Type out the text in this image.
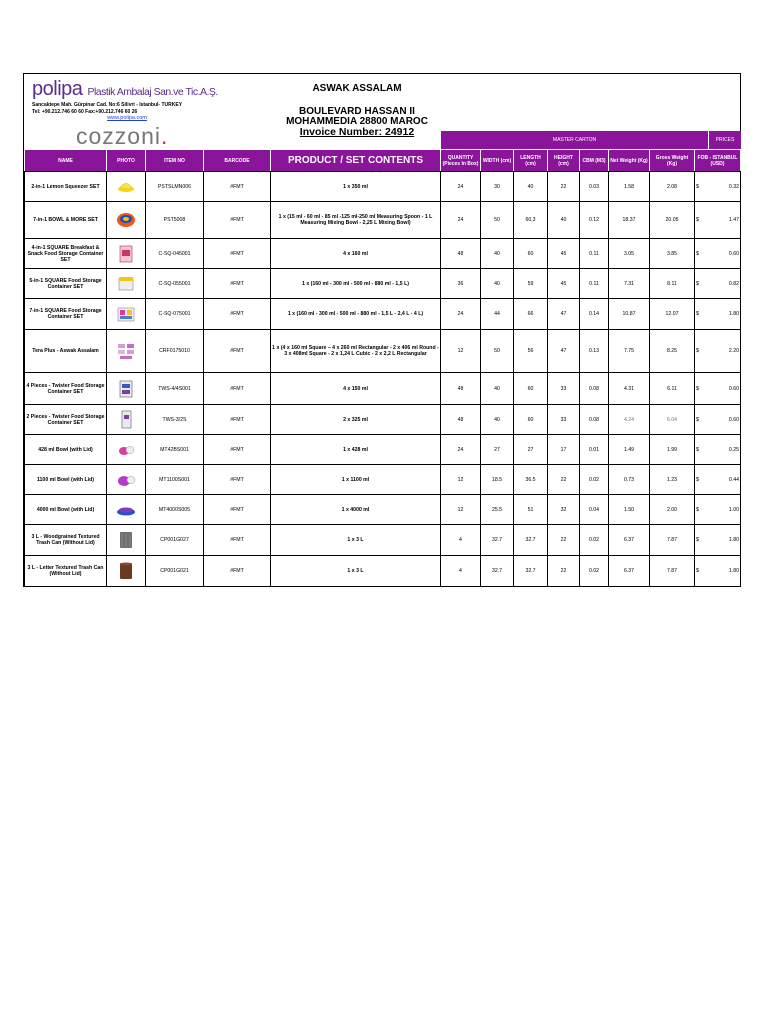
polipa Plastik Ambalaj San.ve Tic.A.Ş.
Sancaktepe Mah. Gürpinar Cad. No:6 Silivri - Istanbul- TURKEY
Tel: +90.212.746 60 60 Fax:+90.212.746 60 26
www.polipa.com
cozzoni.
ASWAK ASSALAM
BOULEVARD HASSAN II
MOHAMMEDIA 28800 MAROC
Invoice Number: 24912
MASTER CARTON	PRICES
NAME	PHOTO	ITEM NO	BARCODE	PRODUCT / SET CONTENTS	QUANTITY (Pieces In Box)	WIDTH (cm)	LENGTH (cm)	HEIGHT (cm)	CBM (M3)	Net Weight (Kg)	Gross Weight (Kg)	FOB - ISTANBUL (USD)
2-in-1 Lemon Squeezer SET		PSTSLMN006	#FMT	1 x 350 ml	24	30	40	22	0.03	1.58	2.08	$ 0.32

7-in-1 BOWL & MORE SET		PST5008	#FMT	1 x (15 ml - 60 ml - 85 ml -125 ml-250 ml Measuring Spoon - 1 L Measuring Mixing Bowl - 2,25 L Mixing Bowl)	24	50	60,3	40	0.12	18.37	20.05	$ 1.47

4-in-1 SQUARE Breakfast & Snack Food Storage Container SET		C-SQ-045001	#FMT	4 x 160 ml	48	40	60	45	0.11	3.05	3.85	$ 0.60

5-in-1 SQUARE Food Storage Container SET		C-SQ-055001	#FMT	1 x (160 ml - 300 ml - 500 ml - 880 ml - 1,5 L)	36	40	59	45	0.11	7.31	8.11	$ 0.82

7-in-1 SQUARE Food Storage Container SET		C-SQ-075001	#FMT	1 x (160 ml - 300 ml - 500 ml - 880 ml - 1,5 L - 2,4 L - 4 L)	24	44	66	47	0.14	10.87	12.07	$ 1.80

Tera Plus - Aswak Assalam		CRF0175010	#FMT	1 x (4 x 160 ml Square – 4 x 260 ml Rectangular - 2 x 406 ml Round - 3 x 408ml Square - 2 x 1,24 L Cubic - 2 x 2,2 L Rectangular	12	50	56	47	0.13	7.75	8.25	$ 2.20

4 Pieces - Twister Food Storage Container SET		TWS-4/4S001	#FMT	4 x 150 ml	48	40	60	33	0.08	4.31	6.11	$ 0.60

2 Pieces - Twister Food Storage Container SET		TWS-3/2S	#FMT	2 x 325 ml	48	40	60	33	0.08	4.24	6.04	$ 0.60

428 ml Bowl (with Lid)		MT42BS001	#FMT	1 x 428 ml	24	27	27	17	0.01	1.49	1.99	$ 0.25

1100 ml Bowl (with Lid)		MT1100S001	#FMT	1 x 1100 ml	12	18.5	36.5	22	0.02	0.73	1.23	$ 0.44

4000 ml Bowl (with Lid)		MT4000S005	#FMT	1 x 4000 ml	12	25.5	51	32	0.04	1.50	2.00	$ 1.00

3 L - Woodgrained Textured Trash Can (Without Lid)		CP001G027	#FMT	1 x 3 L	4	32.7	32.7	22	0.02	6.37	7.87	$ 1.80

3 L - Letter Textured Trash Can (Without Lid)		CP001G021	#FMT	1 x 3 L	4	32.7	32.7	22	0.02	6.37	7.87	$ 1.80
